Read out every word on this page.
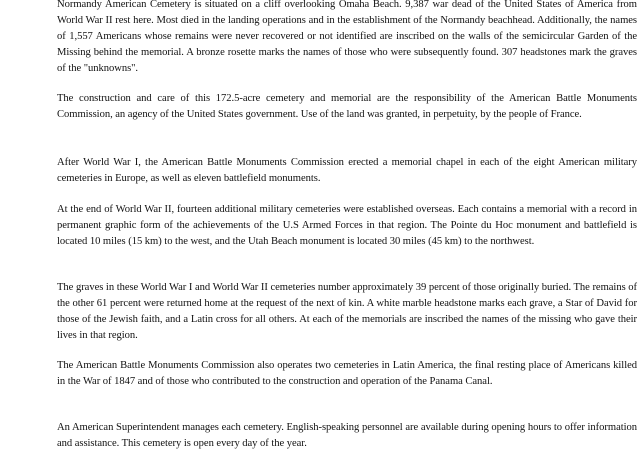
Normandy American Cemetery is situated on a cliff overlooking Omaha Beach. 9,387 war dead of the United States of America from World War II rest here. Most died in the landing operations and in the establishment of the Normandy beachhead. Additionally, the names of 1,557 Americans whose remains were never recovered or not identified are inscribed on the walls of the semicircular Garden of the Missing behind the memorial. A bronze rosette marks the names of those who were subsequently found. 307 headstones mark the graves of the "unknowns".

The construction and care of this 172.5-acre cemetery and memorial are the responsibility of the American Battle Monuments Commission, an agency of the United States government. Use of the land was granted, in perpetuity, by the people of France.

After World War I, the American Battle Monuments Commission erected a memorial chapel in each of the eight American military cemeteries in Europe, as well as eleven battlefield monuments.

At the end of World War II, fourteen additional military cemeteries were established overseas. Each contains a memorial with a record in permanent graphic form of the achievements of the U.S Armed Forces in that region. The Pointe du Hoc monument and battlefield is located 10 miles (15 km) to the west, and the Utah Beach monument is located 30 miles (45 km) to the northwest.

The graves in these World War I and World War II cemeteries number approximately 39 percent of those originally buried. The remains of the other 61 percent were returned home at the request of the next of kin. A white marble headstone marks each grave, a Star of David for those of the Jewish faith, and a Latin cross for all others. At each of the memorials are inscribed the names of the missing who gave their lives in that region.

The American Battle Monuments Commission also operates two cemeteries in Latin America, the final resting place of Americans killed in the War of 1847 and of those who contributed to the construction and operation of the Panama Canal.

An American Superintendent manages each cemetery. English-speaking personnel are available during opening hours to offer information and assistance. This cemetery is open every day of the year.
